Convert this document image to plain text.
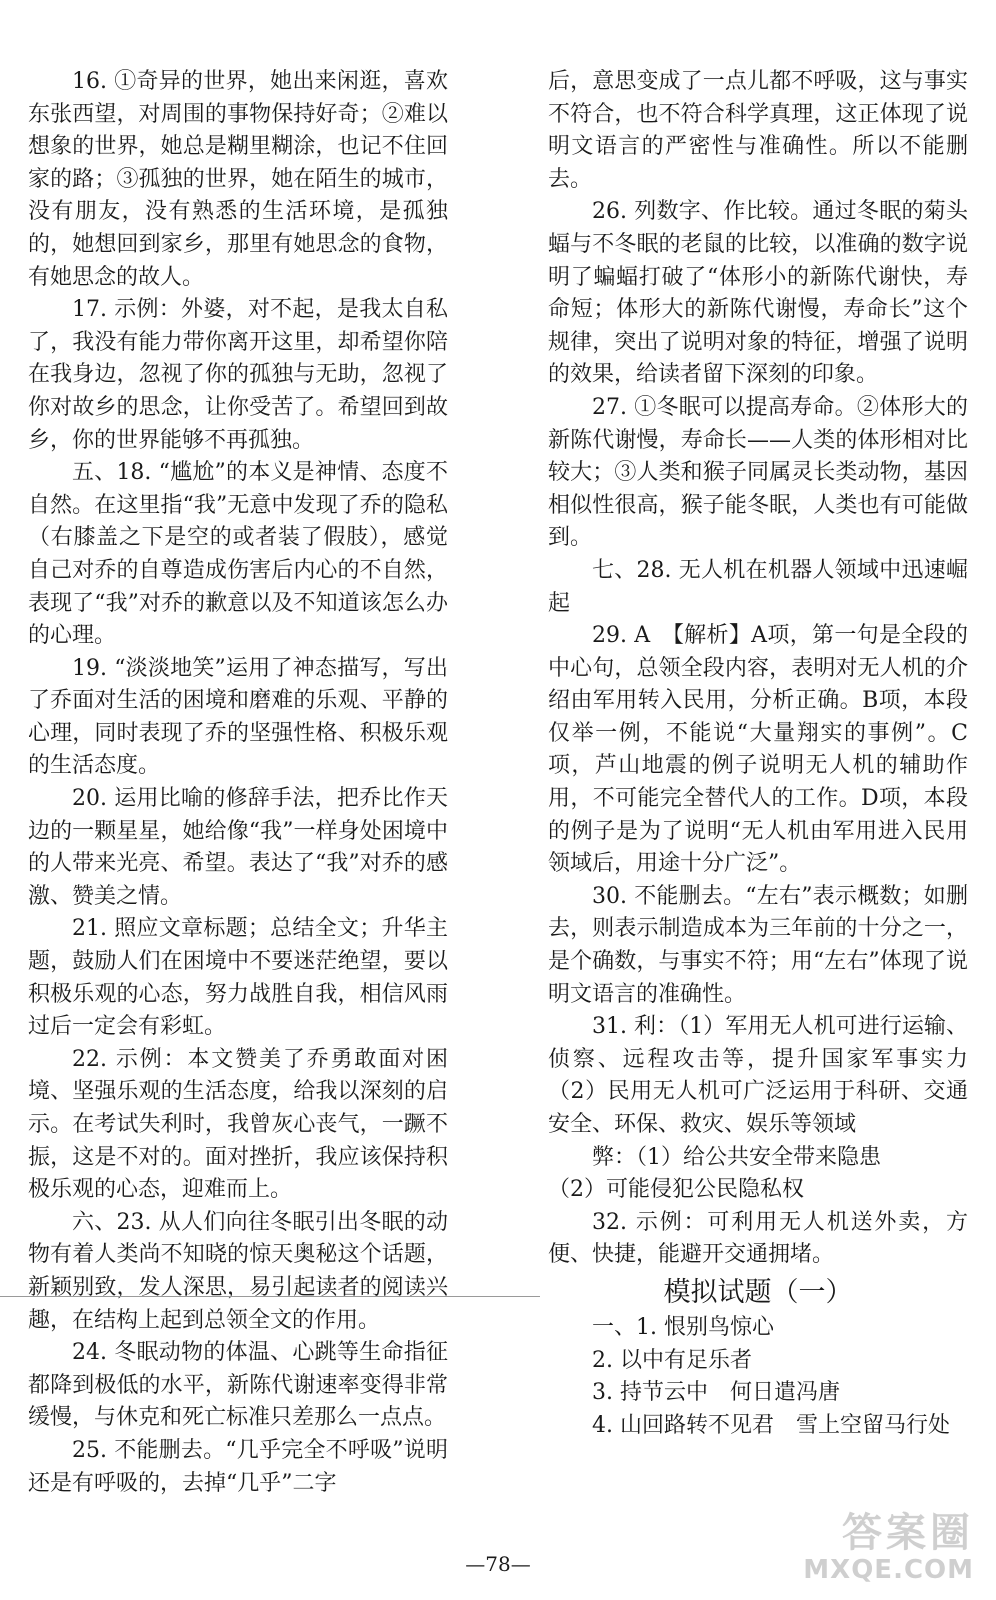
16. ①奇异的世界，她出来闲逛，喜欢东张西望，对周围的事物保持好奇；②难以想象的世界，她总是糊里糊涂，也记不住回家的路；③孤独的世界，她在陌生的城市，没有朋友，没有熟悉的生活环境，是孤独的，她想回到家乡，那里有她思念的食物，有她思念的故人。

17. 示例：外婆，对不起，是我太自私了，我没有能力带你离开这里，却希望你陪在我身边，忽视了你的孤独与无助，忽视了你对故乡的思念，让你受苦了。希望回到故乡，你的世界能够不再孤独。

五、18. “尴尬”的本义是神情、态度不自然。在这里指“我”无意中发现了乔的隐私（右膝盖之下是空的或者装了假肢），感觉自己对乔的自尊造成伤害后内心的不自然，表现了“我”对乔的歉意以及不知道该怎么办的心理。

19. “淡淡地笑”运用了神态描写，写出了乔面对生活的困境和磨难的乐观、平静的心理，同时表现了乔的坚强性格、积极乐观的生活态度。

20. 运用比喻的修辞手法，把乔比作天边的一颗星星，她给像“我”一样身处困境中的人带来光亮、希望。表达了“我”对乔的感激、赞美之情。

21. 照应文章标题；总结全文；升华主题，鼓励人们在困境中不要迷茫绝望，要以积极乐观的心态，努力战胜自我，相信风雨过后一定会有彩虹。

22. 示例：本文赞美了乔勇敢面对困境、坚强乐观的生活态度，给我以深刻的启示。在考试失利时，我曾灰心丧气，一蹶不振，这是不对的。面对挫折，我应该保持积极乐观的心态，迎难而上。

六、23. 从人们向往冬眠引出冬眠的动物有着人类尚不知晓的惊天奥秘这个话题，新颖别致，发人深思，易引起读者的阅读兴趣，在结构上起到总领全文的作用。

24. 冬眠动物的体温、心跳等生命指征都降到极低的水平，新陈代谢速率变得非常缓慢，与休克和死亡标准只差那么一点点。

25. 不能删去。“几乎完全不呼吸”说明还是有呼吸的，去掉“几乎”二字

后，意思变成了一点儿都不呼吸，这与事实不符合，也不符合科学真理，这正体现了说明文语言的严密性与准确性。所以不能删去。

26. 列数字、作比较。通过冬眠的菊头蝠与不冬眠的老鼠的比较，以准确的数字说明了蝙蝠打破了“体形小的新陈代谢快，寿命短；体形大的新陈代谢慢，寿命长”这个规律，突出了说明对象的特征，增强了说明的效果，给读者留下深刻的印象。

27. ①冬眠可以提高寿命。②体形大的新陈代谢慢，寿命长——人类的体形相对比较大；③人类和猴子同属灵长类动物，基因相似性很高，猴子能冬眠，人类也有可能做到。

七、28. 无人机在机器人领域中迅速崛起

29. A　【解析】A项，第一句是全段的中心句，总领全段内容，表明对无人机的介绍由军用转入民用，分析正确。B项，本段仅举一例，不能说“大量翔实的事例”。C项，芦山地震的例子说明无人机的辅助作用，不可能完全替代人的工作。D项，本段的例子是为了说明“无人机由军用进入民用领域后，用途十分广泛”。

30. 不能删去。“左右”表示概数；如删去，则表示制造成本为三年前的十分之一，是个确数，与事实不符；用“左右”体现了说明文语言的准确性。

31. 利：（1）军用无人机可进行运输、侦察、远程攻击等，提升国家军事实力　（2）民用无人机可广泛运用于科研、交通安全、环保、救灾、娱乐等领域

弊：（1）给公共安全带来隐患

（2）可能侵犯公民隐私权

32. 示例：可利用无人机送外卖，方便、快捷，能避开交通拥堵。

模拟试题（一）

一、1. 恨别鸟惊心

2. 以中有足乐者

3. 持节云中　何日遣冯唐

4. 山回路转不见君　雪上空留马行处

—78—
答案圈
MXQE.COM
